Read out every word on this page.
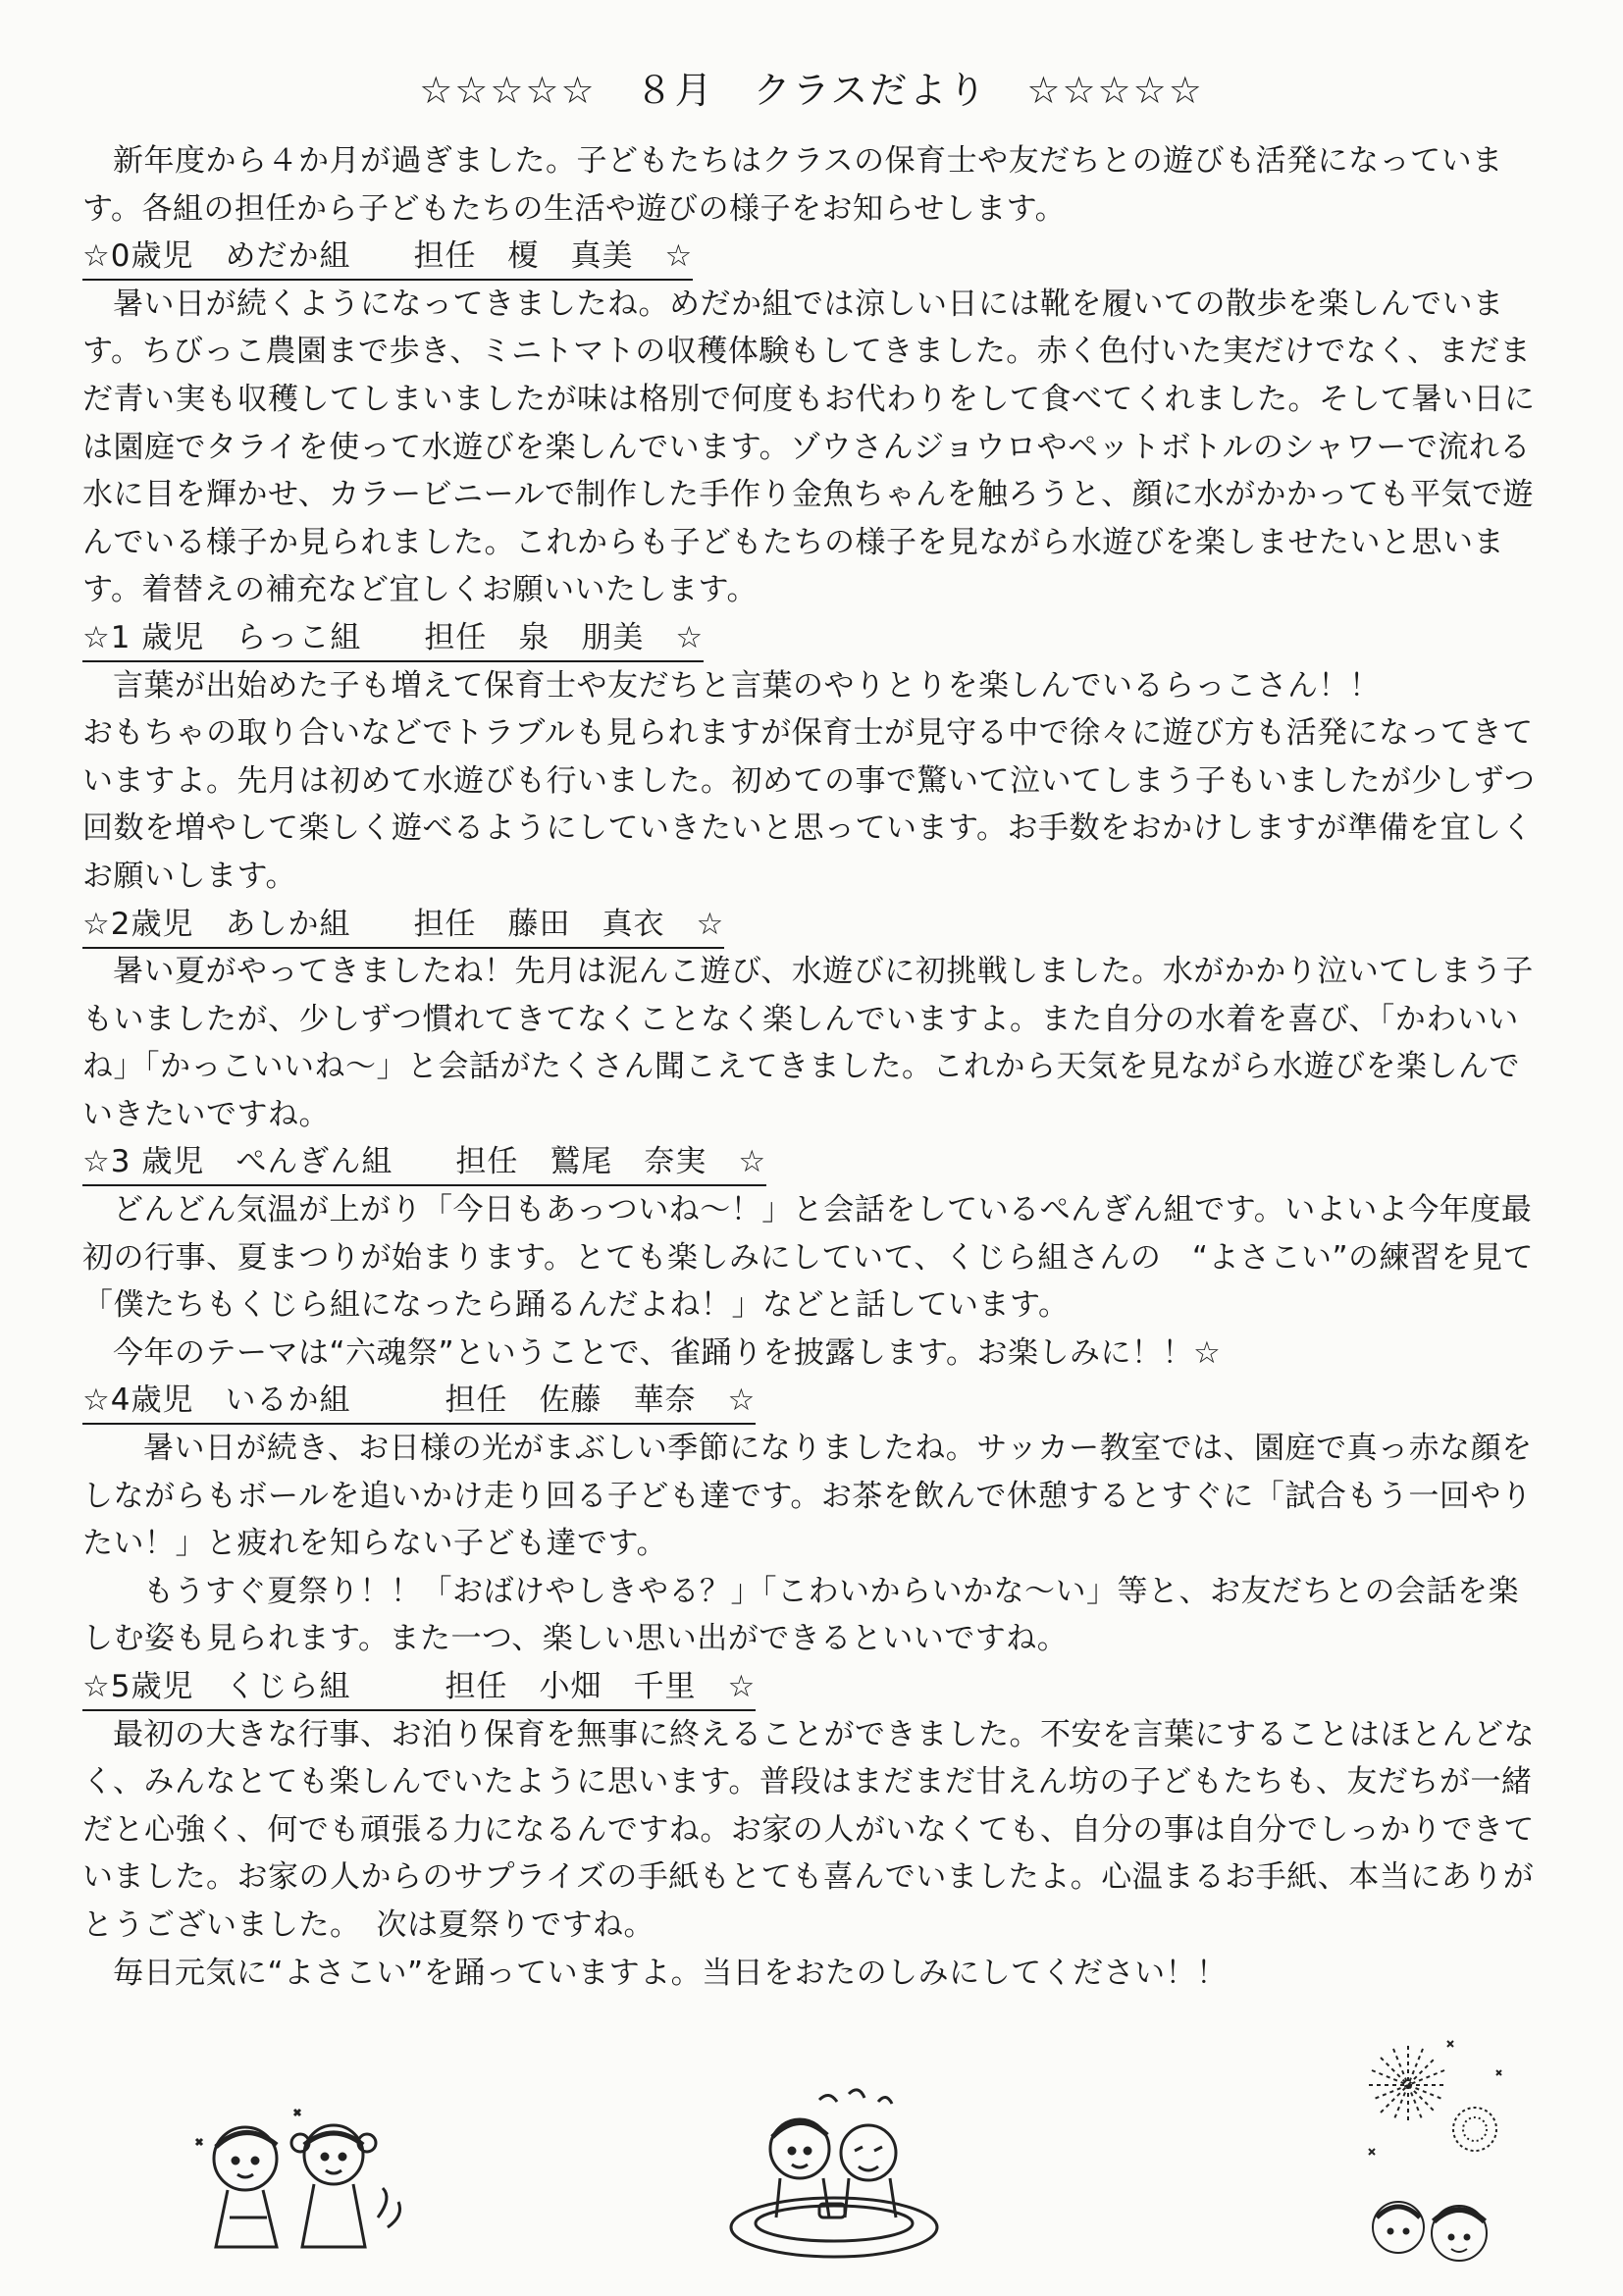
☆☆☆☆☆　８月　クラスだより　☆☆☆☆☆

新年度から４か月が過ぎました。子どもたちはクラスの保育士や友だちとの遊びも活発になっています。各組の担任から子どもたちの生活や遊びの様子をお知らせします。

☆0歳児　めだか組　　担任　榎　真美　☆

暑い日が続くようになってきましたね。めだか組では涼しい日には靴を履いての散歩を楽しんでいます。ちびっこ農園まで歩き、ミニトマトの収穫体験もしてきました。赤く色付いた実だけでなく、まだまだ青い実も収穫してしまいましたが味は格別で何度もお代わりをして食べてくれました。そして暑い日には園庭でタライを使って水遊びを楽しんでいます。ゾウさんジョウロやペットボトルのシャワーで流れる水に目を輝かせ、カラービニールで制作した手作り金魚ちゃんを触ろうと、顔に水がかかっても平気で遊んでいる様子か見られました。これからも子どもたちの様子を見ながら水遊びを楽しませたいと思います。着替えの補充など宜しくお願いいたします。

☆1 歳児　らっこ組　　担任　泉　朋美　☆

言葉が出始めた子も増えて保育士や友だちと言葉のやりとりを楽しんでいるらっこさん！！

おもちゃの取り合いなどでトラブルも見られますが保育士が見守る中で徐々に遊び方も活発になってきていますよ。先月は初めて水遊びも行いました。初めての事で驚いて泣いてしまう子もいましたが少しずつ回数を増やして楽しく遊べるようにしていきたいと思っています。お手数をおかけしますが準備を宜しくお願いします。

☆2歳児　あしか組　　担任　藤田　真衣　☆

暑い夏がやってきましたね！先月は泥んこ遊び、水遊びに初挑戦しました。水がかかり泣いてしまう子もいましたが、少しずつ慣れてきてなくことなく楽しんでいますよ。また自分の水着を喜び、「かわいいね」「かっこいいね～」と会話がたくさん聞こえてきました。これから天気を見ながら水遊びを楽しんでいきたいですね。

☆3 歳児　ぺんぎん組　　担任　鷲尾　奈実　☆

どんどん気温が上がり「今日もあっついね～！」と会話をしているぺんぎん組です。いよいよ今年度最初の行事、夏まつりが始まります。とても楽しみにしていて、くじら組さんの　“よさこい”の練習を見て「僕たちもくじら組になったら踊るんだよね！」などと話しています。

今年のテーマは“六魂祭”ということで、雀踊りを披露します。お楽しみに！！☆

☆4歳児　いるか組　　　担任　佐藤　華奈　☆

暑い日が続き、お日様の光がまぶしい季節になりましたね。サッカー教室では、園庭で真っ赤な顔をしながらもボールを追いかけ走り回る子ども達です。お茶を飲んで休憩するとすぐに「試合もう一回やりたい！」と疲れを知らない子ども達です。

もうすぐ夏祭り！！「おばけやしきやる？」「こわいからいかな～い」等と、お友だちとの会話を楽しむ姿も見られます。また一つ、楽しい思い出ができるといいですね。

☆5歳児　くじら組　　　担任　小畑　千里　☆

最初の大きな行事、お泊り保育を無事に終えることができました。不安を言葉にすることはほとんどなく、みんなとても楽しんでいたように思います。普段はまだまだ甘えん坊の子どもたちも、友だちが一緒だと心強く、何でも頑張る力になるんですね。お家の人がいなくても、自分の事は自分でしっかりできていました。お家の人からのサプライズの手紙もとても喜んでいましたよ。心温まるお手紙、本当にありがとうございました。　次は夏祭りですね。

毎日元気に“よさこい”を踊っていますよ。当日をおたのしみにしてください！！
